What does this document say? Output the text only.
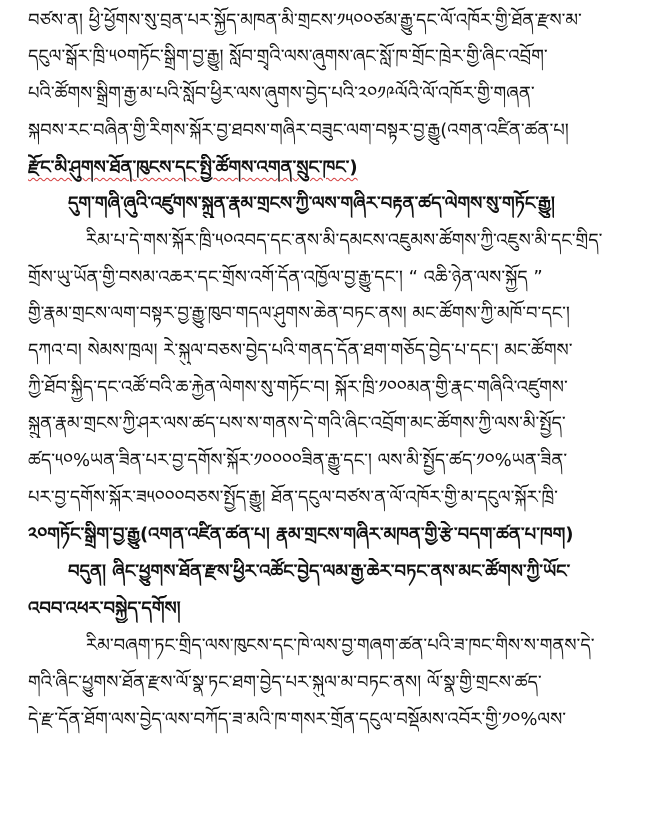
བཙས་ན། ཕྱི་ཕྱོགས་སུ་བྲན་པར་སྐྱོད་མཁན་མི་གྲངས་༡༥༠༠ཙམ་རྒྱུ་དང་ལོ་འཁོར་གྱི་ཐོན་རྫས་མ་
དངུལ་སྒོར་ཁྲི་༥༠གཏོང་སྒྲིག་བྱ་རྒྱུ། སློབ་གྲྭའི་ལས་ཞུགས་ཞང་སློ་ཁ་གྲོང་ཁྲེར་གྱི་ཞིང་འབྲོག་
པའི་ཚོགས་སྒྲིག་རྒྱ་མ་པའི་སློབ་ཕྱིར་ལས་ཞུགས་བྱེད་པའི་༢༠༡༩ལོའི་ལོ་འཁོར་གྱི་གཞན་
སྐབས་རང་བཞིན་གྱི་རིགས་སྐོར་བྱ་ཐབས་གཞིར་བཟུང་ལག་བསྟར་བྱ་རྒྱུ(འགན་འཛིན་ཚན་པ།
རྫོང་མི་ཤུགས་ཐོན་ཁུངས་དང་སྤྱི་ཚོགས་འགན་སྲུང་ཁང་)
དུག་གཞི་ཞུའི་འཛུགས་སྐྲུན་རྣམ་གྲངས་ཀྱི་ལས་གཞིར་བརྟན་ཚད་ལེགས་སུ་གཏོང་རྒྱུ།
རིམ་པ་དེ་གས་སྐོར་ཁྲི་༥༠འབད་དང་ནས་མི་དམངས་འཇུམས་ཚོགས་ཀྱི་འཇུས་མི་དང་གྲིད་
གྲོས་ཡུ་ཡོན་གྱི་བསམ་འཆར་དང་གྲོས་འགོ་དོན་འཁྱོལ་བྱ་རྒྱུ་དང་། “ འཆི་ཉེན་ལས་སྐྱོད ”
གྱི་རྣམ་གྲངས་ལག་བསྟར་བྱ་རྒྱུ་ཁུབ་གདལ་ཤུགས་ཆེན་བཏང་ནས། མང་ཚོགས་ཀྱི་མཁོ་བ་དང་།
དཀའ་བ། སེམས་ཁྲལ། རེ་སྐུལ་བཅས་བྱེད་པའི་གནད་དོན་ཐག་གཅོད་བྱེད་པ་དང་། མང་ཚོགས་
ཀྱི་ཐོབ་སྐྱིད་དང་འཚོ་བའི་ཆ་རྐྱེན་ལེགས་སུ་གཏོང་བ། སྐོར་ཁྲི་༡༠༠མན་གྱི་རྣང་གཞིའི་འཛུགས་
སྐྲུན་རྣམ་གྲངས་ཀྱི་ཤར་ལས་ཚད་པས་ས་གནས་དེ་གའི་ཞིང་འབྲོག་མང་ཚོགས་ཀྱི་ལས་མི་སྤྱོད་
ཚད་༥༠%ཡན་ཟིན་པར་བྱ་དགོས་སྐོར་༡༠༠༠༠ཟིན་རྒྱུ་དང་། ལས་མི་སྤྱོད་ཚད་༡༠%ཡན་ཟིན་
པར་བྱ་དགོས་སྐོར་ཟ༥༠༠༠བཅས་སྤྱོད་རྒྱུ། ཐོན་དངུལ་བཙས་ན་ལོ་འཁོར་གྱི་མ་དངུལ་སྐོར་ཁྲི་
༢༠གཏོང་སྒྲིག་བྱ་རྒྱུ(འགན་འཛིན་ཚན་པ། རྣམ་གྲངས་གཞིར་མཁན་གྱི་རྩེ་བདག་ཚན་པ་ཁག)
བདུན། ཞིང་ཕྱུགས་ཐོན་རྫས་ཕྱིར་འཚོང་བྱེད་ལམ་རྒྱ་ཆེར་བཏང་ནས་མང་ཚོགས་ཀྱི་ཡོང་
འབབ་འཕར་བསྐྱེད་དགོས།
རིམ་བཞག་ཏང་གྲིད་ལས་ཁུངས་དང་ཁེ་ལས་བྱ་གཞག་ཚན་པའི་ཟ་ཁང་གིས་ས་གནས་དེ་
གའི་ཞིང་ཕྱུགས་ཐོན་རྫས་ལོ་སྣ་ཏང་ཐག་བྱེད་པར་སྐུལ་མ་བཏང་ནས། ལོ་སྣ་གྱི་གྲངས་ཚད་
དེ་རྫ་དོན་ཐོག་ལས་བྱེད་ལས་བཀོད་ཟ་མའི་ཁ་གསར་གྲོན་དངུལ་བསྡོམས་འབོར་གྱི་༡༠%ལས་
